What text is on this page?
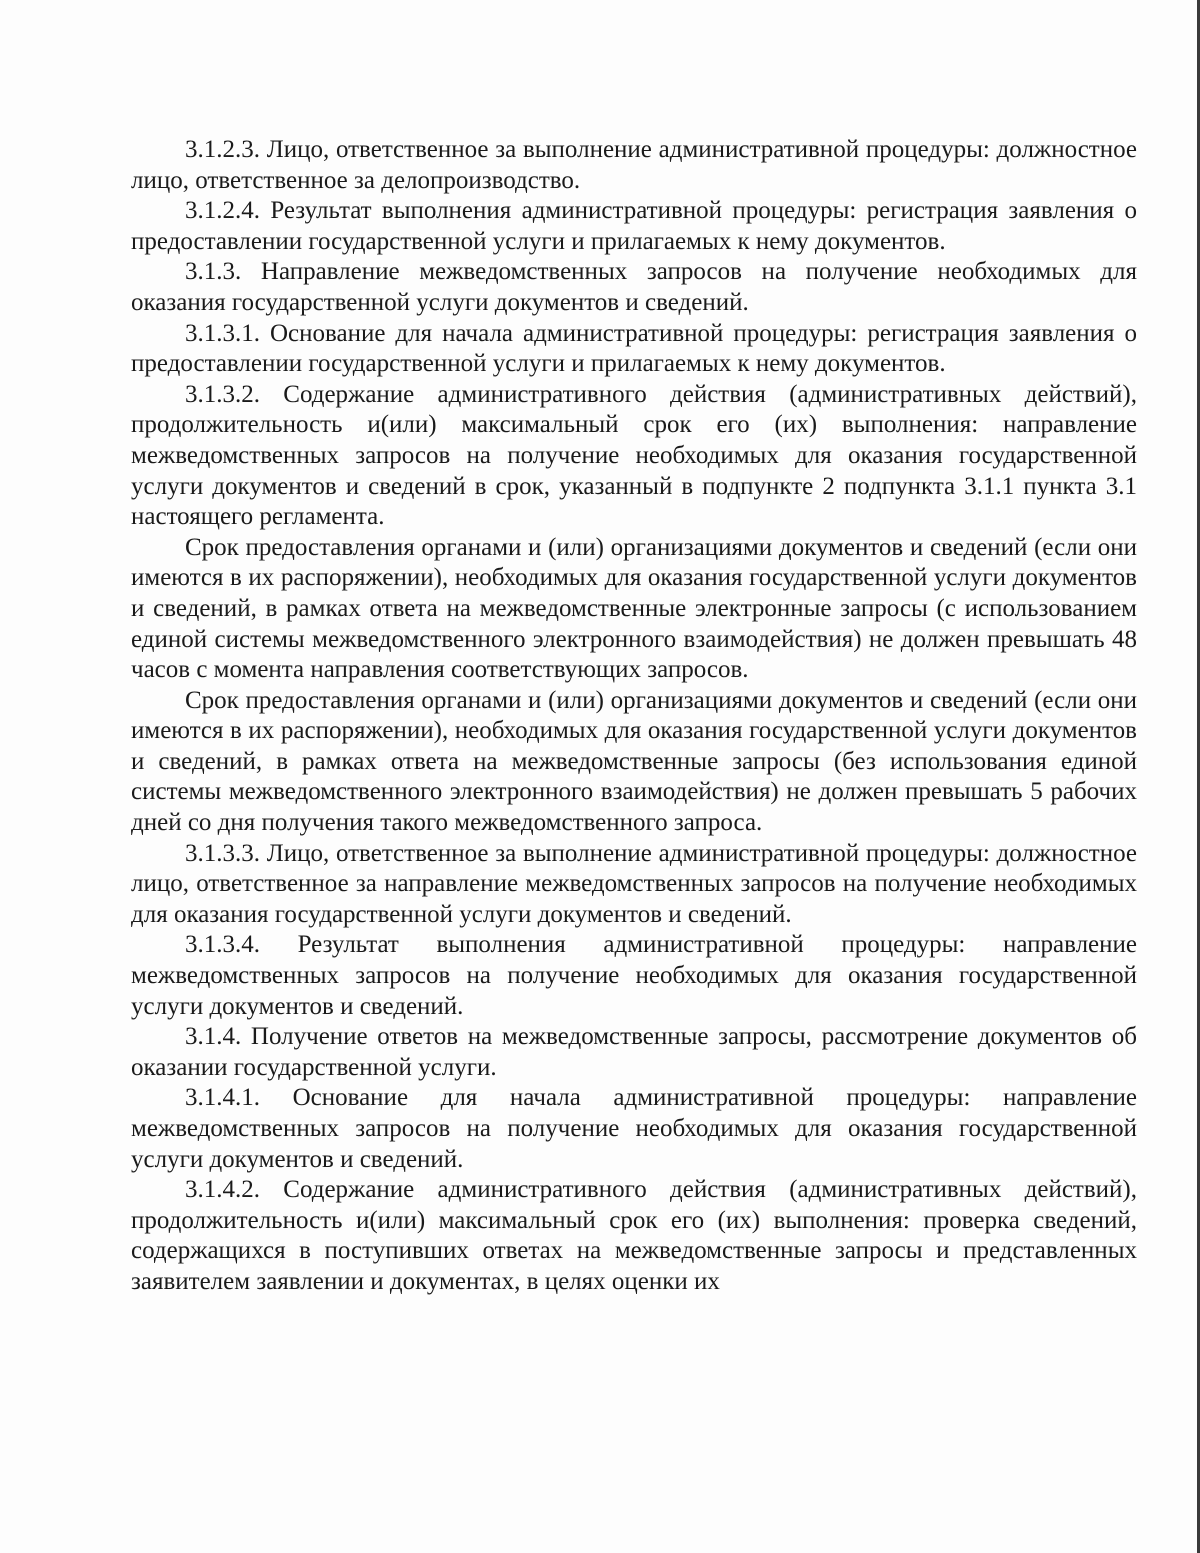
3.1.2.3. Лицо, ответственное за выполнение административной процедуры: должностное лицо, ответственное за делопроизводство.

3.1.2.4. Результат выполнения административной процедуры: регистрация заявления о предоставлении государственной услуги и прилагаемых к нему документов.

3.1.3. Направление межведомственных запросов на получение необходимых для оказания государственной услуги документов и сведений.

3.1.3.1. Основание для начала административной процедуры: регистрация заявления о предоставлении государственной услуги и прилагаемых к нему документов.

3.1.3.2. Содержание административного действия (административных действий), продолжительность и(или) максимальный срок его (их) выполнения: направление межведомственных запросов на получение необходимых для оказания государственной услуги документов и сведений в срок, указанный в подпункте 2 подпункта 3.1.1 пункта 3.1 настоящего регламента.

Срок предоставления органами и (или) организациями документов и сведений (если они имеются в их распоряжении), необходимых для оказания государственной услуги документов и сведений, в рамках ответа на межведомственные электронные запросы (с использованием единой системы межведомственного электронного взаимодействия) не должен превышать 48 часов с момента направления соответствующих запросов.

Срок предоставления органами и (или) организациями документов и сведений (если они имеются в их распоряжении), необходимых для оказания государственной услуги документов и сведений, в рамках ответа на межведомственные запросы (без использования единой системы межведомственного электронного взаимодействия) не должен превышать 5 рабочих дней со дня получения такого межведомственного запроса.

3.1.3.3. Лицо, ответственное за выполнение административной процедуры: должностное лицо, ответственное за направление межведомственных запросов на получение необходимых для оказания государственной услуги документов и сведений.

3.1.3.4. Результат выполнения административной процедуры: направление межведомственных запросов на получение необходимых для оказания государственной услуги документов и сведений.

3.1.4. Получение ответов на межведомственные запросы, рассмотрение документов об оказании государственной услуги.

3.1.4.1. Основание для начала административной процедуры: направление межведомственных запросов на получение необходимых для оказания государственной услуги документов и сведений.

3.1.4.2. Содержание административного действия (административных действий), продолжительность и(или) максимальный срок его (их) выполнения: проверка сведений, содержащихся в поступивших ответах на межведомственные запросы и представленных заявителем заявлении и документах, в целях оценки их
